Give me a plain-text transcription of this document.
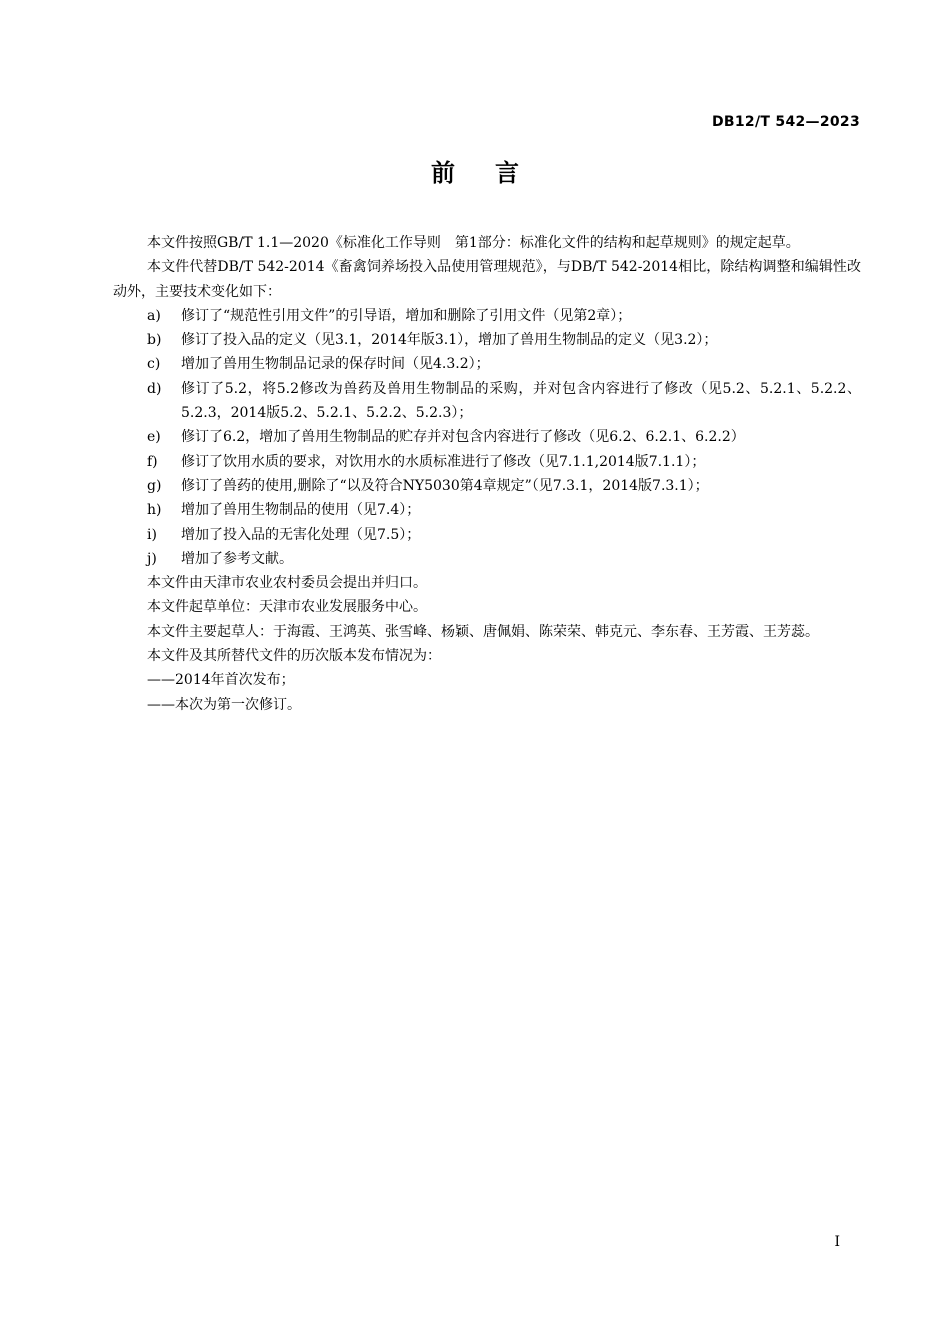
DB12/T 542—2023
前言

本文件按照GB/T 1.1—2020《标准化工作导则　第1部分：标准化文件的结构和起草规则》的规定起草。

本文件代替DB/T 542-2014《畜禽饲养场投入品使用管理规范》，与DB/T 542-2014相比，除结构调整和编辑性改动外，主要技术变化如下：

a) 修订了“规范性引用文件”的引导语，增加和删除了引用文件（见第2章）；
b) 修订了投入品的定义（见3.1，2014年版3.1），增加了兽用生物制品的定义（见3.2）；
c) 增加了兽用生物制品记录的保存时间（见4.3.2）；
d) 修订了5.2，将5.2修改为兽药及兽用生物制品的采购，并对包含内容进行了修改（见5.2、5.2.1、5.2.2、5.2.3，2014版5.2、5.2.1、5.2.2、5.2.3）；
e) 修订了6.2，增加了兽用生物制品的贮存并对包含内容进行了修改（见6.2、6.2.1、6.2.2）
f) 修订了饮用水质的要求，对饮用水的水质标准进行了修改（见7.1.1,2014版7.1.1）；
g) 修订了兽药的使用,删除了“以及符合NY5030第4章规定”（见7.3.1，2014版7.3.1）；
h) 增加了兽用生物制品的使用（见7.4）；
i) 增加了投入品的无害化处理（见7.5）；
j) 增加了参考文献。

本文件由天津市农业农村委员会提出并归口。

本文件起草单位：天津市农业发展服务中心。

本文件主要起草人：于海霞、王鸿英、张雪峰、杨颖、唐佩娟、陈荣荣、韩克元、李东春、王芳霞、王芳蕊。

本文件及其所替代文件的历次版本发布情况为：

——2014年首次发布；

——本次为第一次修订。

I
